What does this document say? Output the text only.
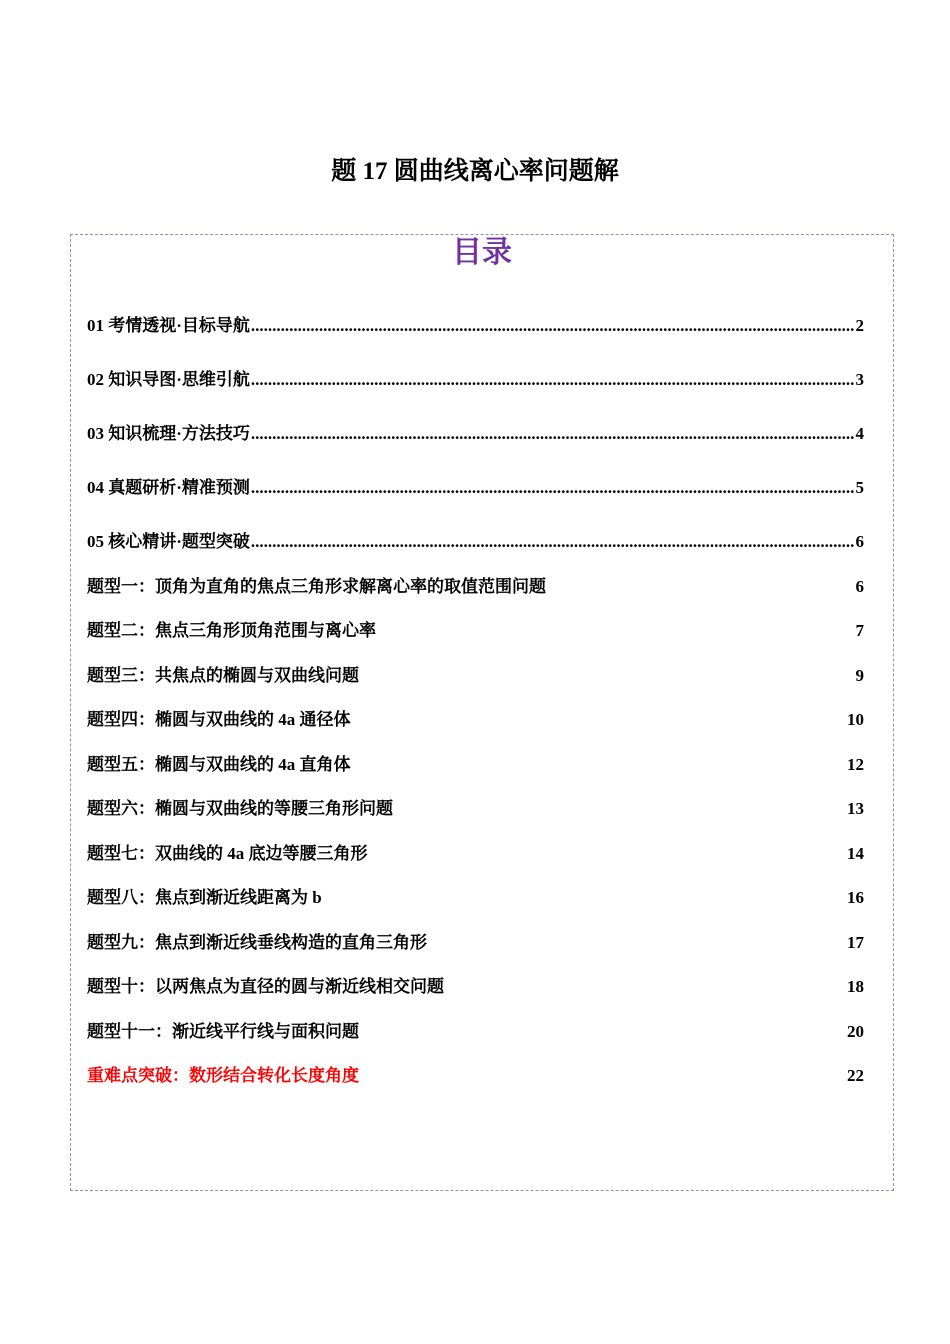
题 17 圆曲线离心率问题解
目录
01 考情透视·目标导航 .....	2
02 知识导图·思维引航 .....	3
03 知识梳理·方法技巧 .....	4
04 真题研析·精准预测 .....	5
05 核心精讲·题型突破 .....	6
题型一：顶角为直角的焦点三角形求解离心率的取值范围问题	6
题型二：焦点三角形顶角范围与离心率	7
题型三：共焦点的椭圆与双曲线问题	9
题型四：椭圆与双曲线的 4a 通径体	10
题型五：椭圆与双曲线的 4a 直角体	12
题型六：椭圆与双曲线的等腰三角形问题	13
题型七：双曲线的 4a 底边等腰三角形	14
题型八：焦点到渐近线距离为 b	16
题型九：焦点到渐近线垂线构造的直角三角形	17
题型十：以两焦点为直径的圆与渐近线相交问题	18
题型十一：渐近线平行线与面积问题	20
重难点突破：数形结合转化长度角度	22
